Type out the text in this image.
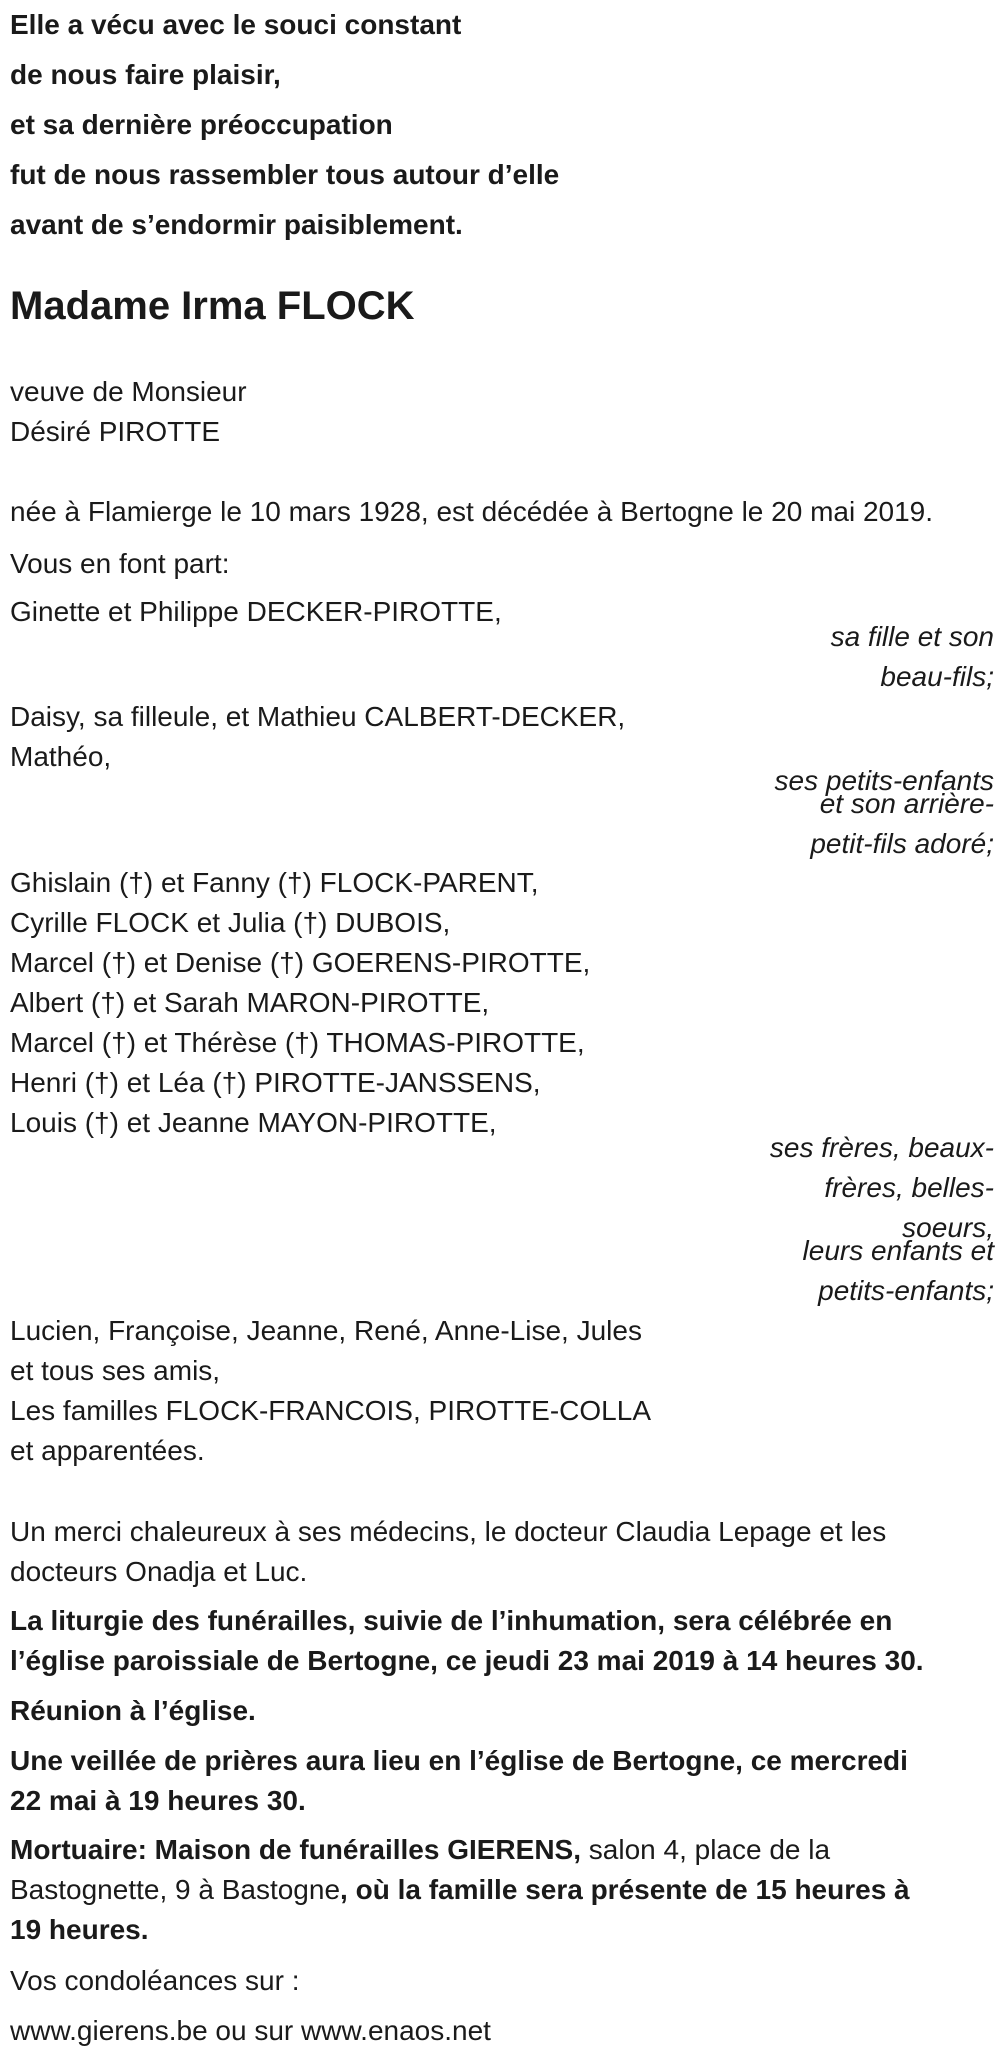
Elle a vécu avec le souci constant
de nous faire plaisir,
et sa dernière préoccupation
fut de nous rassembler tous autour d’elle
avant de s’endormir paisiblement.
Madame Irma FLOCK
veuve de Monsieur
Désiré PIROTTE
née à Flamierge le 10 mars 1928, est décédée à Bertogne le 20 mai 2019.
Vous en font part:
Ginette et Philippe DECKER-PIROTTE,
sa fille et son
beau-fils;
Daisy, sa filleule, et Mathieu CALBERT-DECKER,
Mathéo,
ses petits-enfants
et son arrière-
petit-fils adoré;
Ghislain (†) et Fanny (†) FLOCK-PARENT,
Cyrille FLOCK et Julia (†) DUBOIS,
Marcel (†) et Denise (†) GOERENS-PIROTTE,
Albert (†) et Sarah MARON-PIROTTE,
Marcel (†) et Thérèse (†) THOMAS-PIROTTE,
Henri (†) et Léa (†) PIROTTE-JANSSENS,
Louis (†) et Jeanne MAYON-PIROTTE,
ses frères, beaux-
frères, belles-
soeurs,
leurs enfants et
petits-enfants;
Lucien, Françoise, Jeanne, René, Anne-Lise, Jules
et tous ses amis,
Les familles FLOCK-FRANCOIS, PIROTTE-COLLA
et apparentées.
Un merci chaleureux à ses médecins, le docteur Claudia Lepage et les
docteurs Onadja et Luc.
La liturgie des funérailles, suivie de l’inhumation, sera célébrée en
l’église paroissiale de Bertogne, ce jeudi 23 mai 2019 à 14 heures 30.
Réunion à l’église.
Une veillée de prières aura lieu en l’église de Bertogne, ce mercredi
22 mai à 19 heures 30.
Mortuaire: Maison de funérailles GIERENS, salon 4, place de la
Bastognette, 9 à Bastogne, où la famille sera présente de 15 heures à
19 heures.
Vos condoléances sur :
www.gierens.be ou sur www.enaos.net
